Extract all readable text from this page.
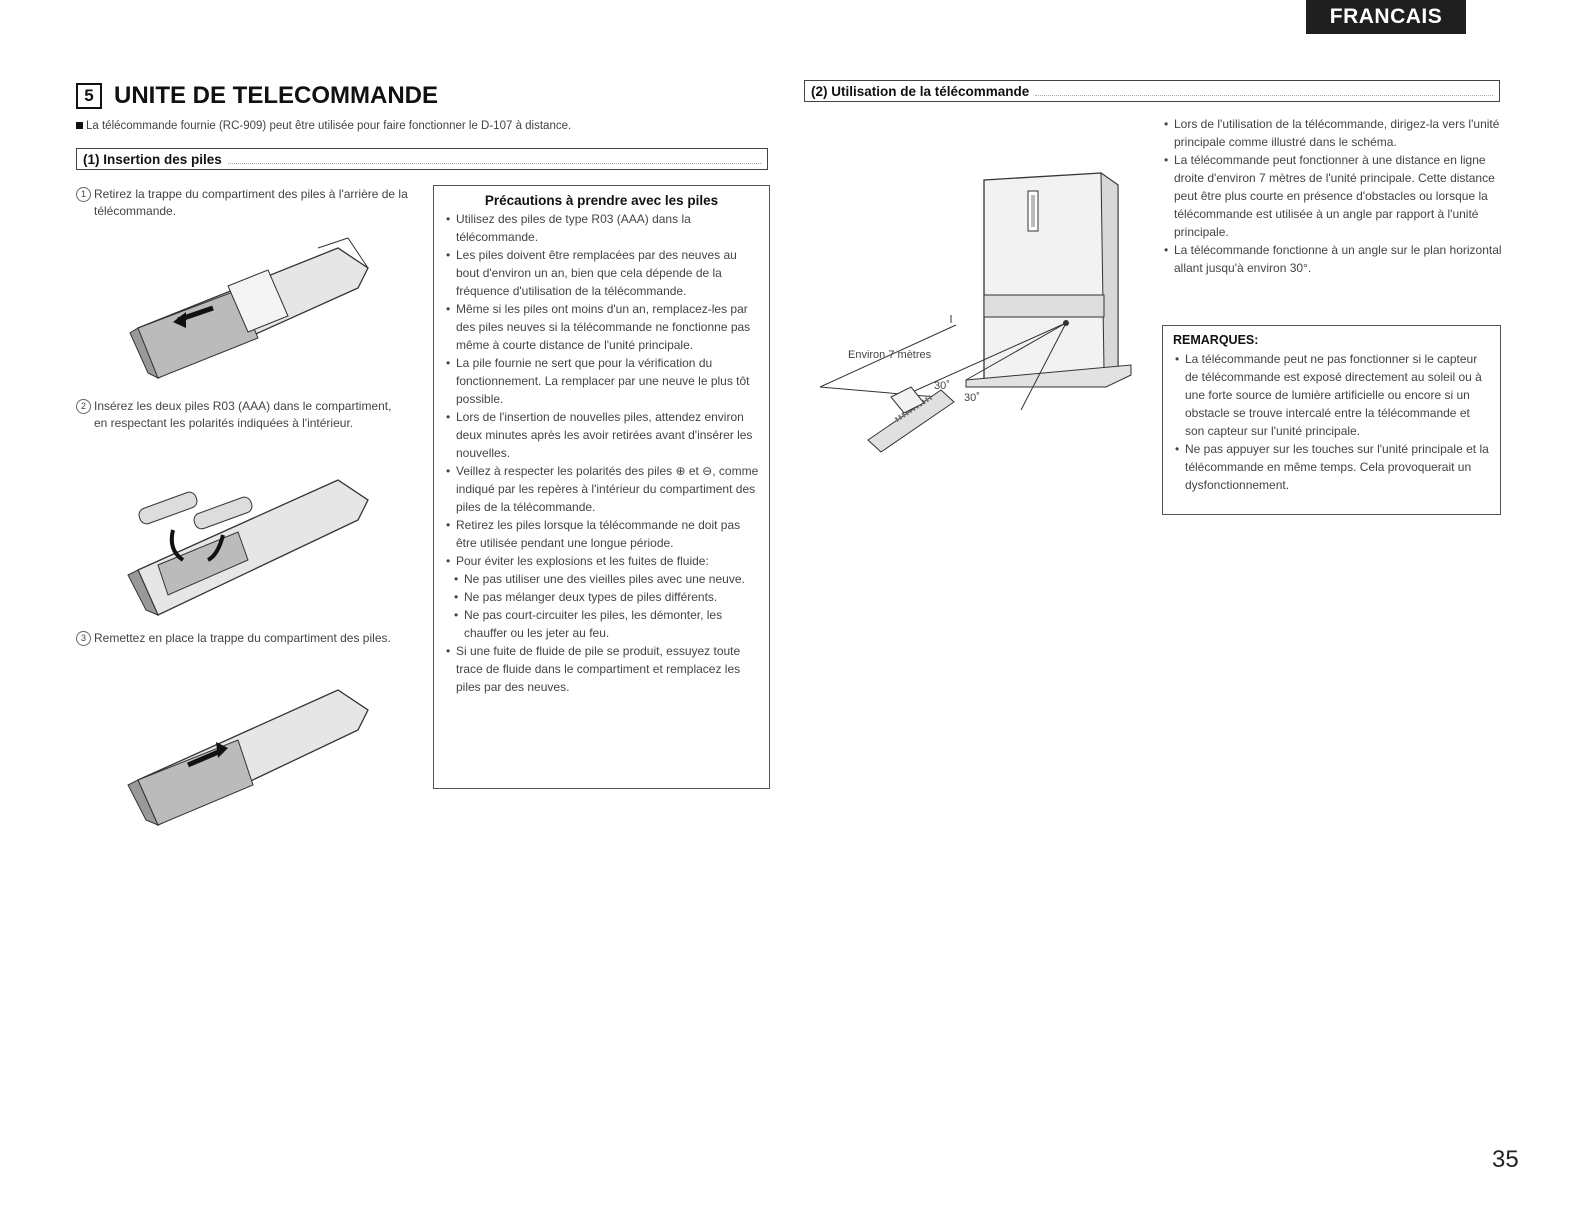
FRANCAIS
5 UNITE DE TELECOMMANDE
La télécommande fournie (RC-909) peut être utilisée pour faire fonctionner le D-107 à distance.
(1) Insertion des piles
1 Retirez la trappe du compartiment des piles à l'arrière de la télécommande.
2 Insérez les deux piles R03 (AAA) dans le compartiment, en respectant les polarités indiquées à l'intérieur.
3 Remettez en place la trappe du compartiment des piles.
Précautions à prendre avec les piles
• Utilisez des piles de type R03 (AAA) dans la télécommande.
• Les piles doivent être remplacées par des neuves au bout d'environ un an, bien que cela dépende de la fréquence d'utilisation de la télécommande.
• Même si les piles ont moins d'un an, remplacez-les par des piles neuves si la télécommande ne fonctionne pas même à courte distance de l'unité principale.
• La pile fournie ne sert que pour la vérification du fonctionnement. La remplacer par une neuve le plus tôt possible.
• Lors de l'insertion de nouvelles piles, attendez environ deux minutes après les avoir retirées avant d'insérer les nouvelles.
• Veillez à respecter les polarités des piles ⊕ et ⊖, comme indiqué par les repères à l'intérieur du compartiment des piles de la télécommande.
• Retirez les piles lorsque la télécommande ne doit pas être utilisée pendant une longue période.
• Pour éviter les explosions et les fuites de fluide:
• Ne pas utiliser une des vieilles piles avec une neuve.
• Ne pas mélanger deux types de piles différents.
• Ne pas court-circuiter les piles, les démonter, les chauffer ou les jeter au feu.
• Si une fuite de fluide de pile se produit, essuyez toute trace de fluide dans le compartiment et remplacez les piles par des neuves.
(2) Utilisation de la télécommande
Environ 7 mètres
30˚
30˚
• Lors de l'utilisation de la télécommande, dirigez-la vers l'unité principale comme illustré dans le schéma.
• La télécommande peut fonctionner à une distance en ligne droite d'environ 7 mètres de l'unité principale. Cette distance peut être plus courte en présence d'obstacles ou lorsque la télécommande est utilisée à un angle par rapport à l'unité principale.
• La télécommande fonctionne à un angle sur le plan horizontal allant jusqu'à environ 30°.
REMARQUES:
• La télécommande peut ne pas fonctionner si le capteur de télécommande est exposé directement au soleil ou à une forte source de lumière artificielle ou encore si un obstacle se trouve intercalé entre la télécommande et son capteur sur l'unité principale.
• Ne pas appuyer sur les touches sur l'unité principale et la télécommande en même temps. Cela provoquerait un dysfonctionnement.
35
